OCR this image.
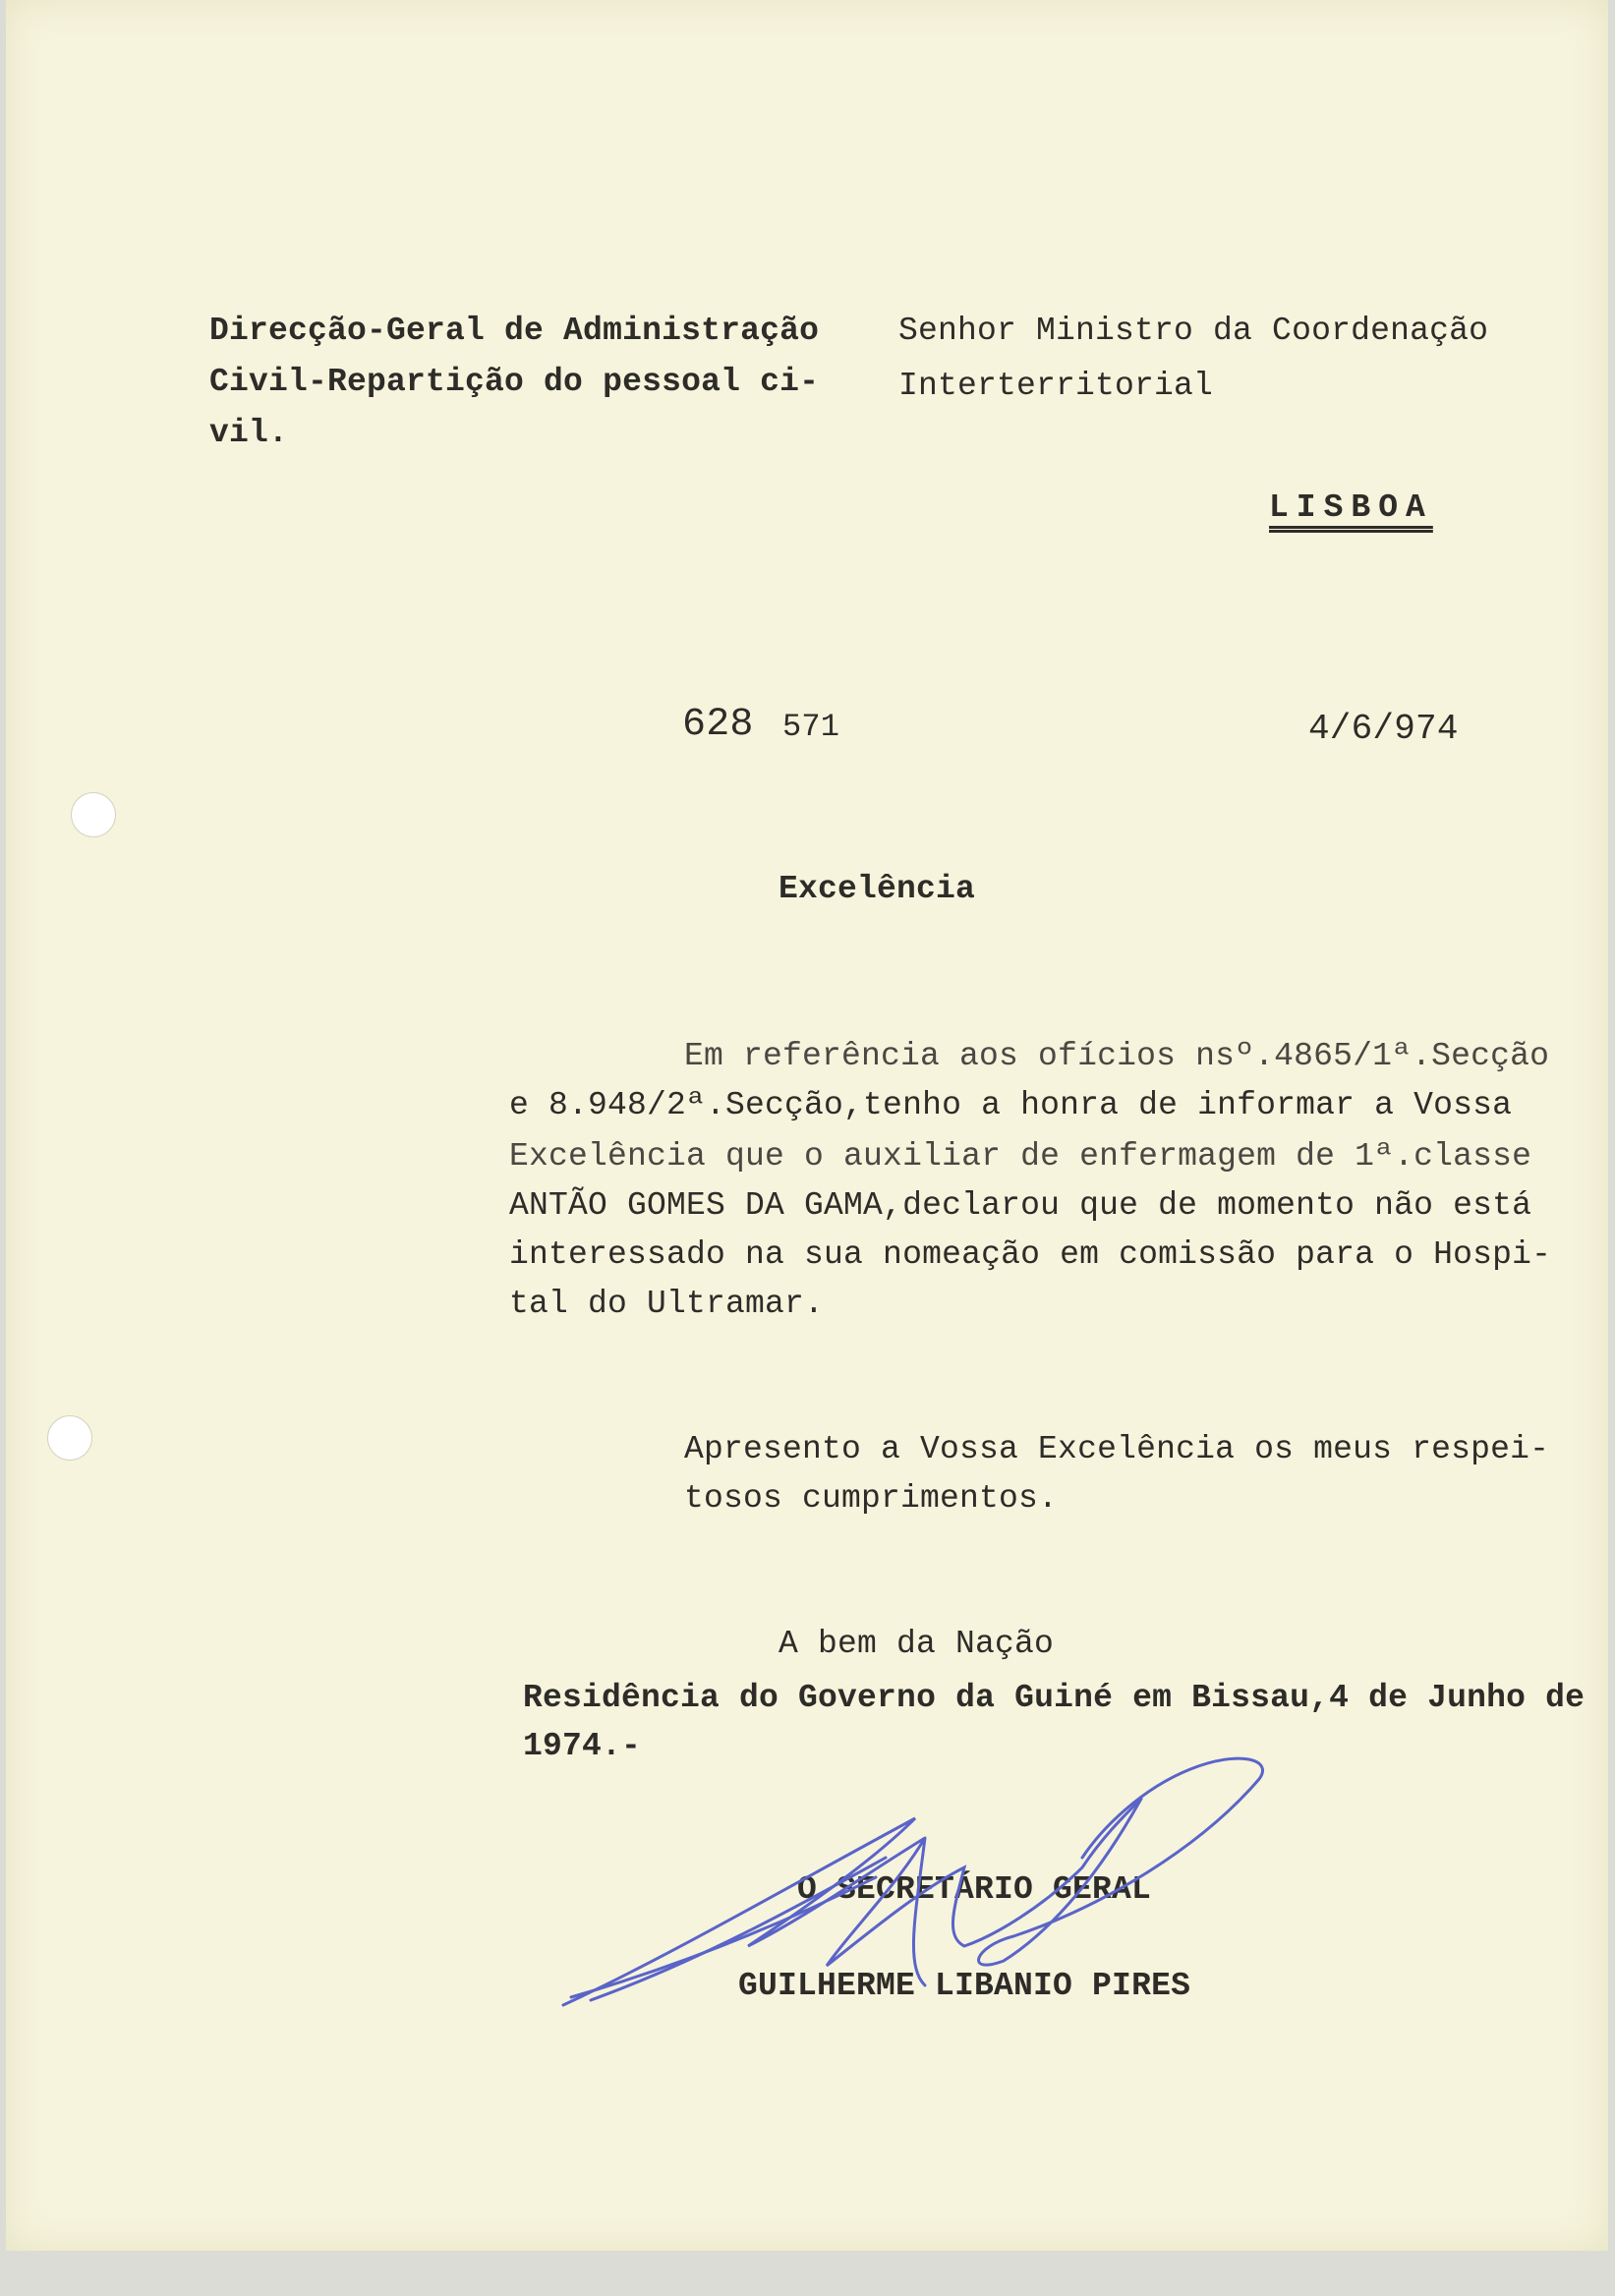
Direcção-Geral de Administração
Civil-Repartição do pessoal ci-
vil.
Senhor Ministro da Coordenação
Interterritorial
LISBOA
628 571	4/6/974
Excelência
Em referência aos ofícios nsº.4865/1ª.Secção
e 8.948/2ª.Secção,tenho a honra de informar a Vossa
Excelência que o auxiliar de enfermagem de 1ª.classe
ANTÃO GOMES DA GAMA,declarou que de momento não está
interessado na sua nomeação em comissão para o Hospi-
tal do Ultramar.
Apresento a Vossa Excelência os meus respei-
tosos cumprimentos.
A bem da Nação
Residência do Governo da Guiné em Bissau,4 de Junho de
1974.-
O SECRETÁRIO GERAL
GUILHERME LIBANIO PIRES
